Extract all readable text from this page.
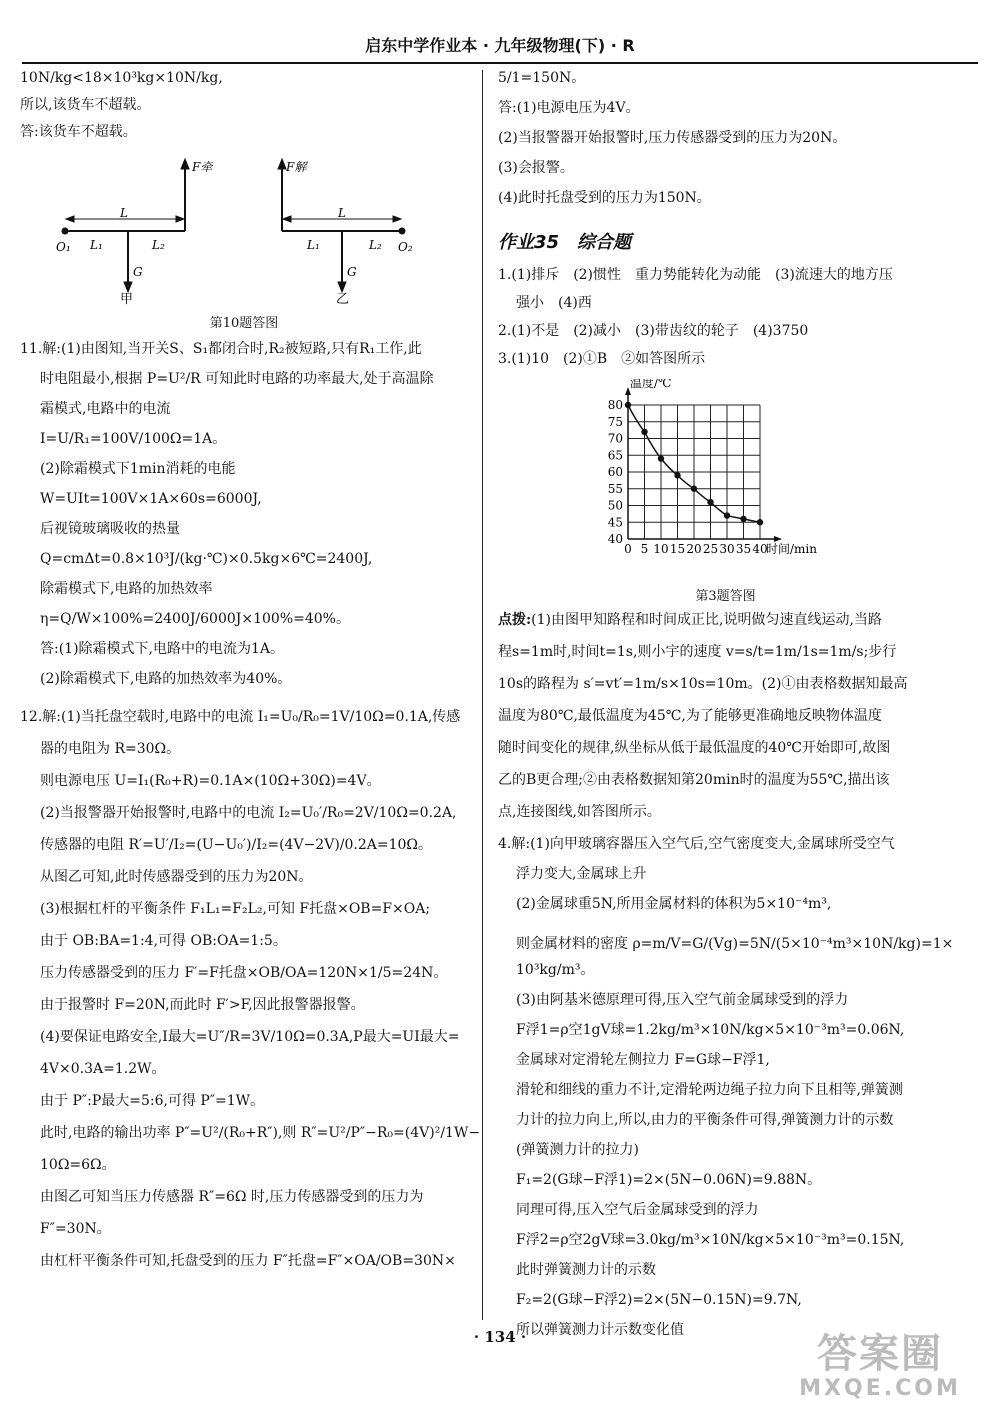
启东中学作业本 · 九年级物理(下) · R

10N/kg<18×10³kg×10N/kg,

所以,该货车不超载。

答:该货车不超载。

F牵
L
L₁	L₂
G
O₁
甲
F解
L
L₁	L₂
G
O₂
乙

第10题答图

11.解:(1)由图知,当开关S、S₁都闭合时,R₂被短路,只有R₁工作,此

时电阻最小,根据 P=U²/R 可知此时电路的功率最大,处于高温除

霜模式,电路中的电流

I=U/R₁=100V/100Ω=1A。

(2)除霜模式下1min消耗的电能

W=UIt=100V×1A×60s=6000J,

后视镜玻璃吸收的热量

Q=cmΔt=0.8×10³J/(kg·℃)×0.5kg×6℃=2400J,

除霜模式下,电路的加热效率

η=Q/W×100%=2400J/6000J×100%=40%。

答:(1)除霜模式下,电路中的电流为1A。

(2)除霜模式下,电路的加热效率为40%。

12.解:(1)当托盘空载时,电路中的电流 I₁=U₀/R₀=1V/10Ω=0.1A,传感

器的电阻为 R=30Ω。

则电源电压 U=I₁(R₀+R)=0.1A×(10Ω+30Ω)=4V。

(2)当报警器开始报警时,电路中的电流 I₂=U₀′/R₀=2V/10Ω=0.2A,

传感器的电阻 R′=U′/I₂=(U−U₀′)/I₂=(4V−2V)/0.2A=10Ω。

从图乙可知,此时传感器受到的压力为20N。

(3)根据杠杆的平衡条件 F₁L₁=F₂L₂,可知 F托盘×OB=F×OA;

由于 OB:BA=1:4,可得 OB:OA=1:5。

压力传感器受到的压力 F′=F托盘×OB/OA=120N×1/5=24N。

由于报警时 F=20N,而此时 F′>F,因此报警器报警。

(4)要保证电路安全,I最大=U″/R=3V/10Ω=0.3A,P最大=UI最大=

4V×0.3A=1.2W。

由于 P″:P最大=5:6,可得 P″=1W。

此时,电路的输出功率 P″=U²/(R₀+R″),则 R″=U²/P″−R₀=(4V)²/1W−

10Ω=6Ω。

由图乙可知当压力传感器 R″=6Ω 时,压力传感器受到的压力为

F″=30N。

由杠杆平衡条件可知,托盘受到的压力 F″托盘=F″×OA/OB=30N×

5/1=150N。

答:(1)电源电压为4V。

(2)当报警器开始报警时,压力传感器受到的压力为20N。

(3)会报警。

(4)此时托盘受到的压力为150N。

作业35　综合题

1.(1)排斥　(2)惯性　重力势能转化为动能　(3)流速大的地方压

强小　(4)西

2.(1)不是　(2)减小　(3)带齿纹的轮子　(4)3750

3.(1)10　(2)①B　②如答图所示

0 5 10 15 20 25 30 35 40
40
45
50
55
60
65
70
75
80
温度/℃
时间/min

第3题答图

点拨:(1)由图甲知路程和时间成正比,说明做匀速直线运动,当路

程s=1m时,时间t=1s,则小宇的速度 v=s/t=1m/1s=1m/s;步行

10s的路程为 s′=vt′=1m/s×10s=10m。(2)①由表格数据知最高

温度为80℃,最低温度为45℃,为了能够更准确地反映物体温度

随时间变化的规律,纵坐标从低于最低温度的40℃开始即可,故图

乙的B更合理;②由表格数据知第20min时的温度为55℃,描出该

点,连接图线,如答图所示。

4.解:(1)向甲玻璃容器压入空气后,空气密度变大,金属球所受空气

浮力变大,金属球上升

(2)金属球重5N,所用金属材料的体积为5×10⁻⁴m³,

则金属材料的密度 ρ=m/V=G/(Vg)=5N/(5×10⁻⁴m³×10N/kg)=1×

10³kg/m³。

(3)由阿基米德原理可得,压入空气前金属球受到的浮力

F浮1=ρ空1gV球=1.2kg/m³×10N/kg×5×10⁻³m³=0.06N,

金属球对定滑轮左侧拉力 F=G球−F浮1,

滑轮和细线的重力不计,定滑轮两边绳子拉力向下且相等,弹簧测

力计的拉力向上,所以,由力的平衡条件可得,弹簧测力计的示数

(弹簧测力计的拉力)

F₁=2(G球−F浮1)=2×(5N−0.06N)=9.88N。

同理可得,压入空气后金属球受到的浮力

F浮2=ρ空2gV球=3.0kg/m³×10N/kg×5×10⁻³m³=0.15N,

此时弹簧测力计的示数

F₂=2(G球−F浮2)=2×(5N−0.15N)=9.7N,

所以弹簧测力计示数变化值

· 134 ·	答案圈
MXQE.COM
